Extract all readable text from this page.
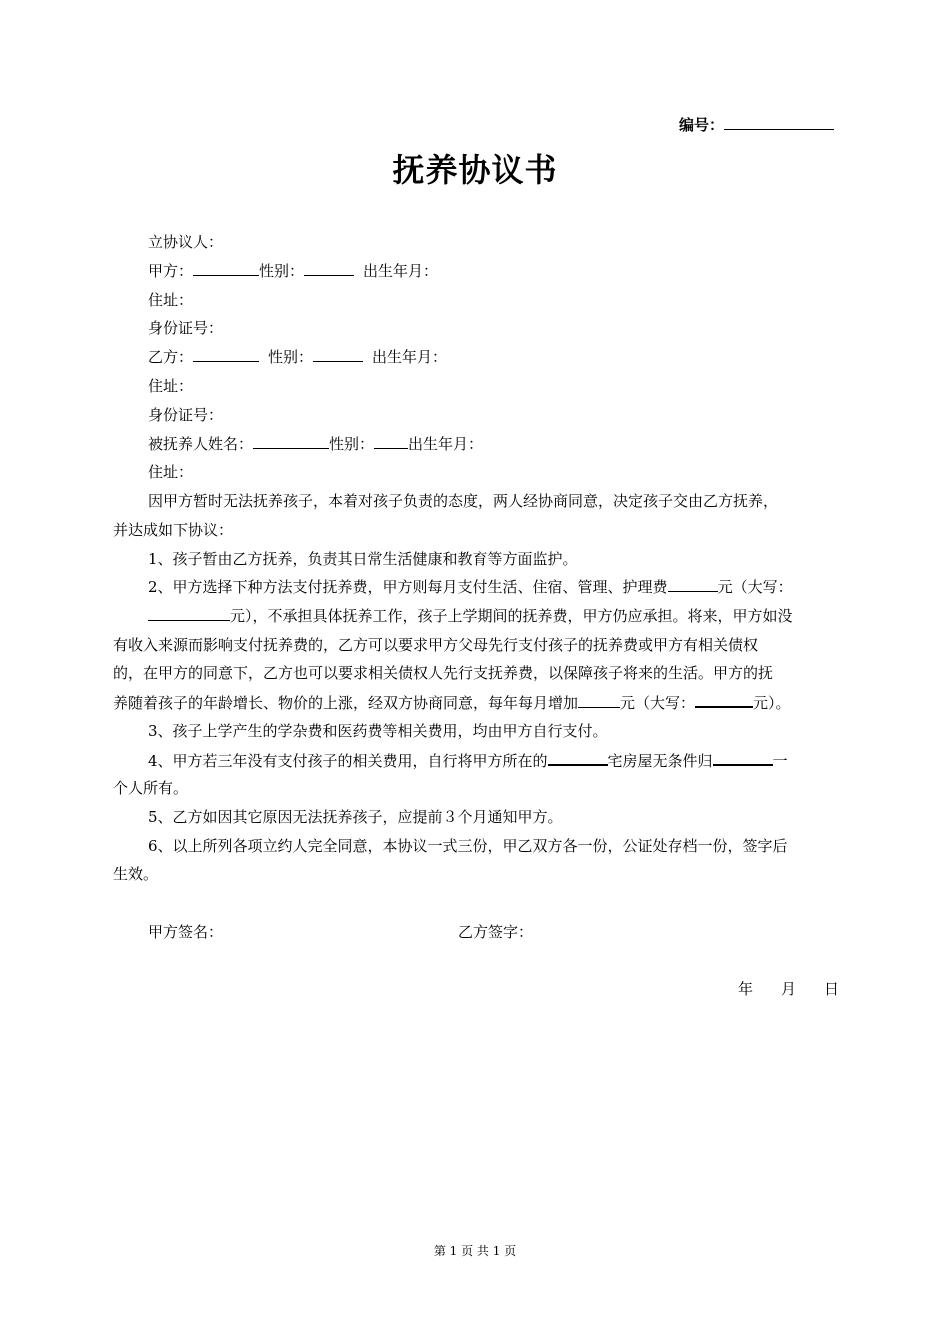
编号：
抚养协议书
立协议人：
甲方：	性别：	出生年月：
住址：
身份证号：
乙方：	性别：	出生年月：
住址：
身份证号：
被抚养人姓名：	性别： 出生年月：
住址：
因甲方暂时无法抚养孩子，本着对孩子负责的态度，两人经协商同意，决定孩子交由乙方抚养，
并达成如下协议：
1、孩子暂由乙方抚养，负责其日常生活健康和教育等方面监护。
2、甲方选择下种方法支付抚养费，甲方则每月支付生活、住宿、管理、护理费	元（大写：
元），不承担具体抚养工作，孩子上学期间的抚养费，甲方仍应承担。将来，甲方如没
有收入来源而影响支付抚养费的，乙方可以要求甲方父母先行支付孩子的抚养费或甲方有相关债权
的，在甲方的同意下，乙方也可以要求相关债权人先行支抚养费，以保障孩子将来的生活。甲方的抚
养随着孩子的年龄增长、物价的上涨，经双方协商同意，每年每月增加	元（大写：	元）。
3、孩子上学产生的学杂费和医药费等相关费用，均由甲方自行支付。
4、甲方若三年没有支付孩子的相关费用，自行将甲方所在的	宅房屋无条件归	一
个人所有。
5、乙方如因其它原因无法抚养孩子，应提前３个月通知甲方。
6、以上所列各项立约人完全同意，本协议一式三份，甲乙双方各一份，公证处存档一份，签字后
生效。
甲方签名：	乙方签字：
年 月 日
第 1 页 共 1 页
